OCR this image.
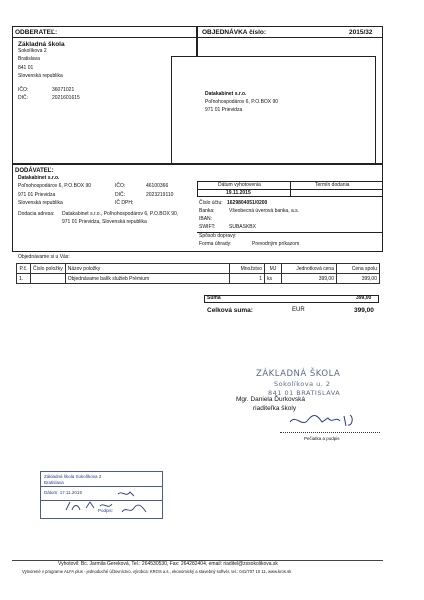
ODBERATEĽ:
Základná škola
Sokolíkova 2
Bratislava
841 01
Slovenská republika
IČO:	36071021
DIČ:	2021601615
OBJEDNÁVKA číslo:	2015/32
Datakabinet s.r.o.
Poľnohospodárov 6, P.O.BOX 90
971 01 Prievidza
DODÁVATEĽ:
Datakabinet s.r.o.
Poľnohospodárov 6, P.O.BOX 90
971 01 Prievidza
Slovenská republika
IČO:	46100366
DIČ:	2023219110
IČ DPH:
Dodacia adresa: Datakabinet s.r.o., Poľnohospodárov 6, P.O.BOX 90,
971 01 Prievidza, Slovenská republika
Dátum vyhotovenia	Termín dodania
19.11.2015
Číslo účtu: 1629804051/0200
Banka:	Všeobecná úverová banka, a.s.
IBAN:
SWIFT:	SUBASKBX
Spôsob dopravy:
Forma úhrady:	Prevodným príkazom
Objednávame si u Vás:
P.č.	Číslo položky	Názov položky	Množstvo	MJ	Jednotková cena	Cena spolu
1.		Objednávame balík služieb Prémium	1	ks	399,00	399,00
Suma	399,00
Celková suma:	EUR	399,00
ZÁKLADNÁ ŠKOLA
Sokolíkova u. 2
841 01 BRATISLAVA
Mgr. Daniela Ďurkovská
riaditeľka školy
Pečiatka a podpis
Základná škola Sokolíkova 2
Bratislava
Dátum: 17.11.2015
Podpis:
Vyhotovil: Bc. Jarmila Gereková, Tel.: 264530530, Fax: 264282404, email: riaditel@zssokolikova.sk
Vytvorené v programe ALFA plus - jednoduché účtovníctvo, výrobca: KROS a.s., ekonomický a stavebný softvér, tel.: 041/707 10 11, www.kros.sk
